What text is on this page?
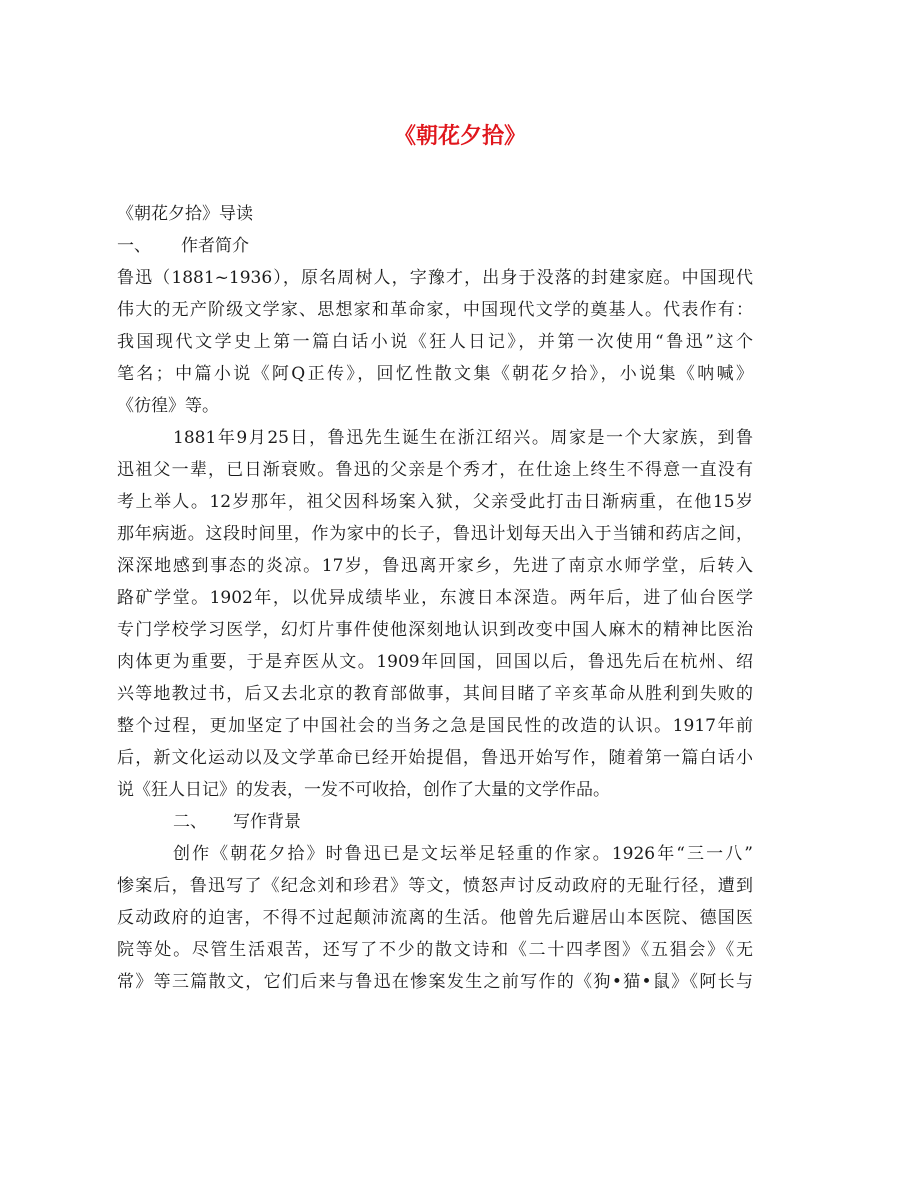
《朝花夕拾》
《朝花夕拾》导读
一、 作者简介
鲁迅（1881~1936），原名周树人，字豫才，出身于没落的封建家庭。中国现代
伟大的无产阶级文学家、思想家和革命家，中国现代文学的奠基人。代表作有：
我国现代文学史上第一篇白话小说《狂人日记》，并第一次使用“鲁迅”这个
笔名；中篇小说《阿Q正传》，回忆性散文集《朝花夕拾》，小说集《呐喊》
《彷徨》等。
1881年9月25日，鲁迅先生诞生在浙江绍兴。周家是一个大家族，到鲁
迅祖父一辈，已日渐衰败。鲁迅的父亲是个秀才，在仕途上终生不得意一直没有
考上举人。12岁那年，祖父因科场案入狱，父亲受此打击日渐病重，在他15岁
那年病逝。这段时间里，作为家中的长子，鲁迅计划每天出入于当铺和药店之间，
深深地感到事态的炎凉。17岁，鲁迅离开家乡，先进了南京水师学堂，后转入
路矿学堂。1902年，以优异成绩毕业，东渡日本深造。两年后，进了仙台医学
专门学校学习医学，幻灯片事件使他深刻地认识到改变中国人麻木的精神比医治
肉体更为重要，于是弃医从文。1909年回国，回国以后，鲁迅先后在杭州、绍
兴等地教过书，后又去北京的教育部做事，其间目睹了辛亥革命从胜利到失败的
整个过程，更加坚定了中国社会的当务之急是国民性的改造的认识。1917年前
后，新文化运动以及文学革命已经开始提倡，鲁迅开始写作，随着第一篇白话小
说《狂人日记》的发表，一发不可收拾，创作了大量的文学作品。
二、 写作背景
创作《朝花夕拾》时鲁迅已是文坛举足轻重的作家。1926年“三一八”
惨案后，鲁迅写了《纪念刘和珍君》等文，愤怒声讨反动政府的无耻行径，遭到
反动政府的迫害，不得不过起颠沛流离的生活。他曾先后避居山本医院、德国医
院等处。尽管生活艰苦，还写了不少的散文诗和《二十四孝图》《五猖会》《无
常》等三篇散文，它们后来与鲁迅在惨案发生之前写作的《狗•猫•鼠》《阿长与
